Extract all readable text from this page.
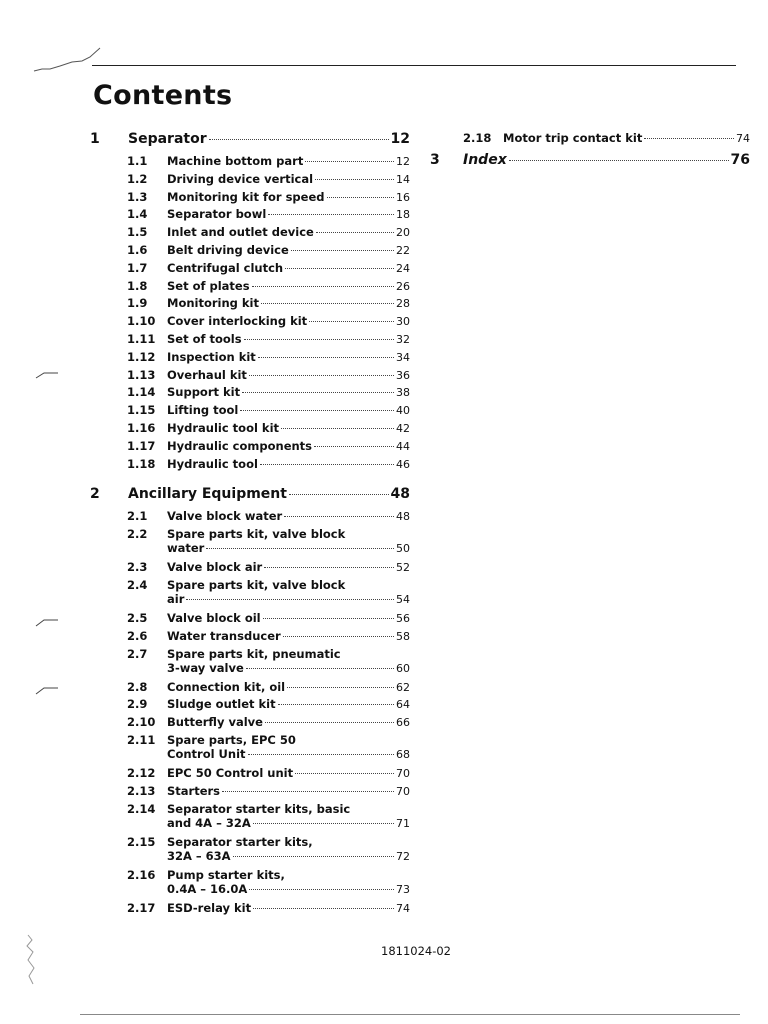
Contents
1	Separator	12
1.1	Machine bottom part	12
1.2	Driving device vertical	14
1.3	Monitoring kit for speed	16
1.4	Separator bowl	18
1.5	Inlet and outlet device	20
1.6	Belt driving device	22
1.7	Centrifugal clutch	24
1.8	Set of plates	26
1.9	Monitoring kit	28
1.10	Cover interlocking kit	30
1.11	Set of tools	32
1.12	Inspection kit	34
1.13	Overhaul kit	36
1.14	Support kit	38
1.15	Lifting tool	40
1.16	Hydraulic tool kit	42
1.17	Hydraulic components	44
1.18	Hydraulic tool	46
2	Ancillary Equipment	48
2.1	Valve block water	48
2.2	Spare parts kit, valve block
water	50
2.3	Valve block air	52
2.4	Spare parts kit, valve block
air	54
2.5	Valve block oil	56
2.6	Water transducer	58
2.7	Spare parts kit, pneumatic
3-way valve	60
2.8	Connection kit, oil	62
2.9	Sludge outlet kit	64
2.10	Butterfly valve	66
2.11	Spare parts, EPC 50
Control Unit	68
2.12	EPC 50 Control unit	70
2.13	Starters	70
2.14	Separator starter kits, basic
and 4A – 32A	71
2.15	Separator starter kits,
32A – 63A	72
2.16	Pump starter kits,
0.4A – 16.0A	73
2.17	ESD-relay kit	74
2.18	Motor trip contact kit	74
3	Index	76
1811024-02
